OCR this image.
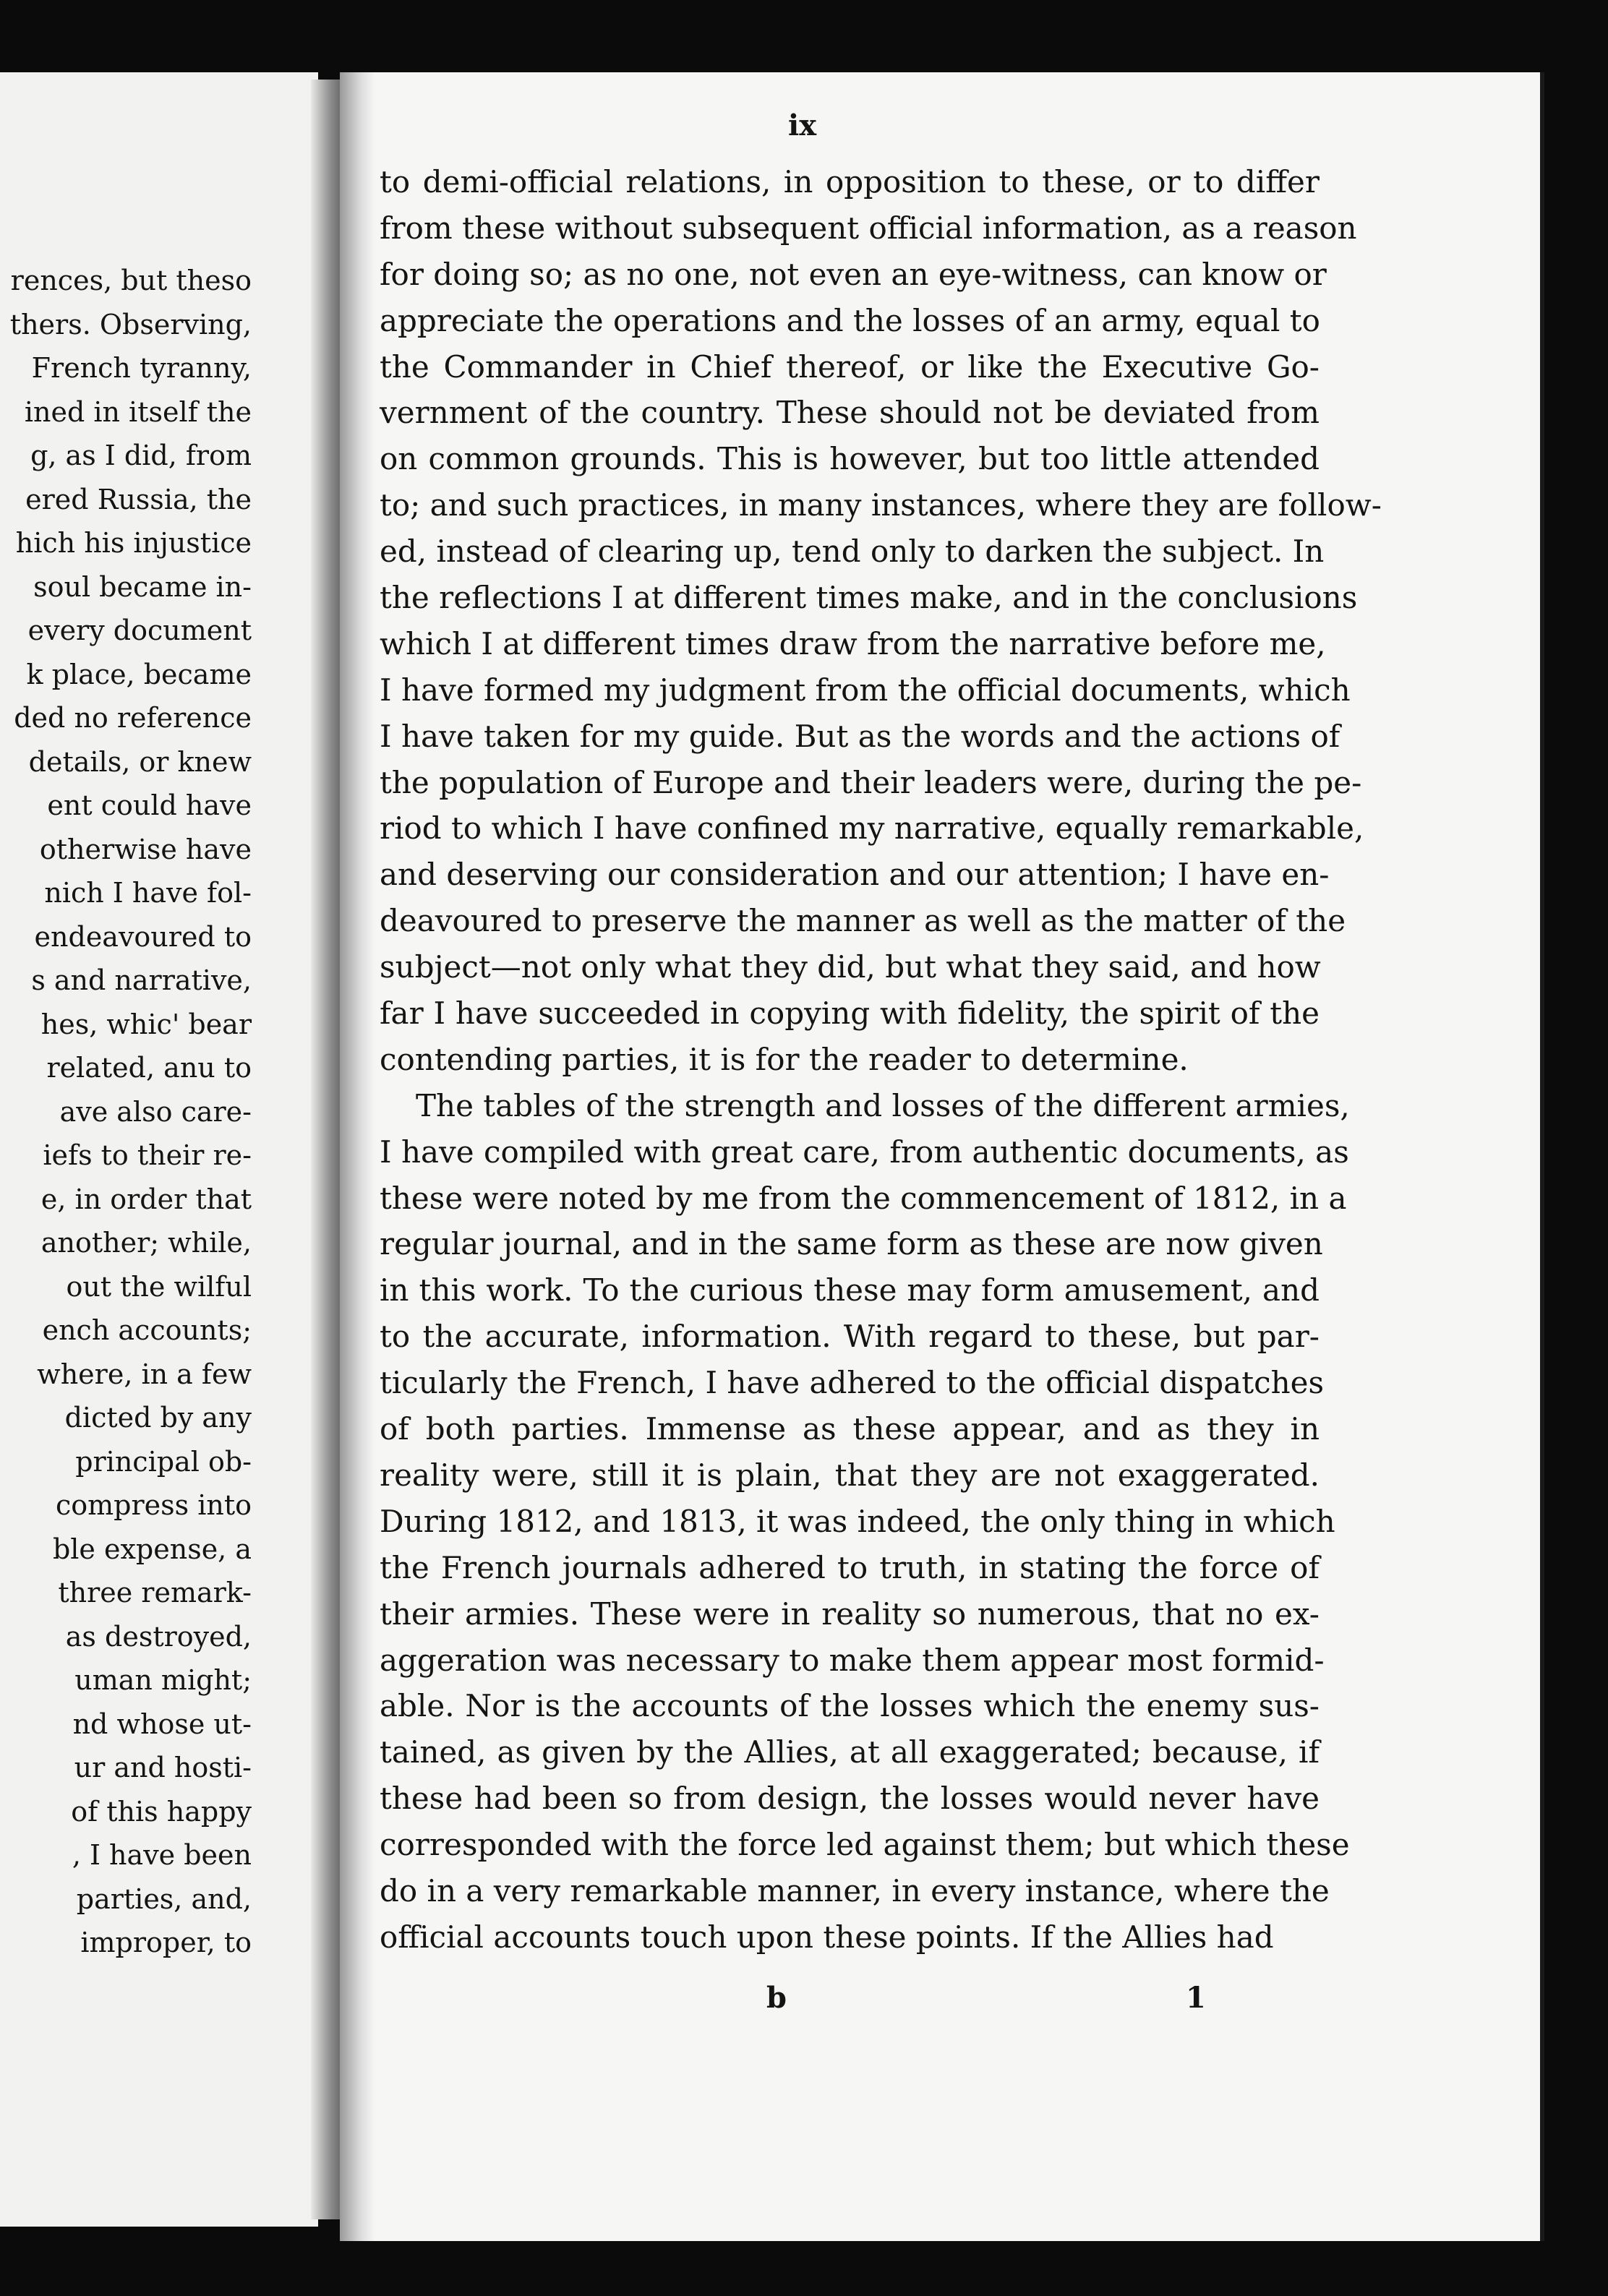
rences, but theso
thers. Observing,
French tyranny,
ined in itself the
g, as I did, from
ered Russia, the
hich his injustice
soul became in-
every document
k place, became
ded no reference
details, or knew
ent could have
otherwise have
nich I have fol-
endeavoured to
s and narrative,
hes, whic' bear
related, anu to
ave also care-
iefs to their re-
e, in order that
another; while,
out the wilful
ench accounts;
where, in a few
dicted by any
principal ob-
compress into
ble expense, a
three remark-
as destroyed,
uman might;
nd whose ut-
ur and hosti-
of this happy
, I have been
parties, and,
improper, to
ix
to demi-official relations, in opposition to these, or to differ
from these without subsequent official information, as a reason
for doing so; as no one, not even an eye-witness, can know or
appreciate the operations and the losses of an army, equal to
the Commander in Chief thereof, or like the Executive Go-
vernment of the country. These should not be deviated from
on common grounds. This is however, but too little attended
to; and such practices, in many instances, where they are follow-
ed, instead of clearing up, tend only to darken the subject. In
the reflections I at different times make, and in the conclusions
which I at different times draw from the narrative before me,
I have formed my judgment from the official documents, which
I have taken for my guide. But as the words and the actions of
the population of Europe and their leaders were, during the pe-
riod to which I have confined my narrative, equally remarkable,
and deserving our consideration and our attention; I have en-
deavoured to preserve the manner as well as the matter of the
subject—not only what they did, but what they said, and how
far I have succeeded in copying with fidelity, the spirit of the
contending parties, it is for the reader to determine.
The tables of the strength and losses of the different armies,
I have compiled with great care, from authentic documents, as
these were noted by me from the commencement of 1812, in a
regular journal, and in the same form as these are now given
in this work. To the curious these may form amusement, and
to the accurate, information. With regard to these, but par-
ticularly the French, I have adhered to the official dispatches
of both parties. Immense as these appear, and as they in
reality were, still it is plain, that they are not exaggerated.
During 1812, and 1813, it was indeed, the only thing in which
the French journals adhered to truth, in stating the force of
their armies. These were in reality so numerous, that no ex-
aggeration was necessary to make them appear most formid-
able. Nor is the accounts of the losses which the enemy sus-
tained, as given by the Allies, at all exaggerated; because, if
these had been so from design, the losses would never have
corresponded with the force led against them; but which these
do in a very remarkable manner, in every instance, where the
official accounts touch upon these points. If the Allies had
b	1
